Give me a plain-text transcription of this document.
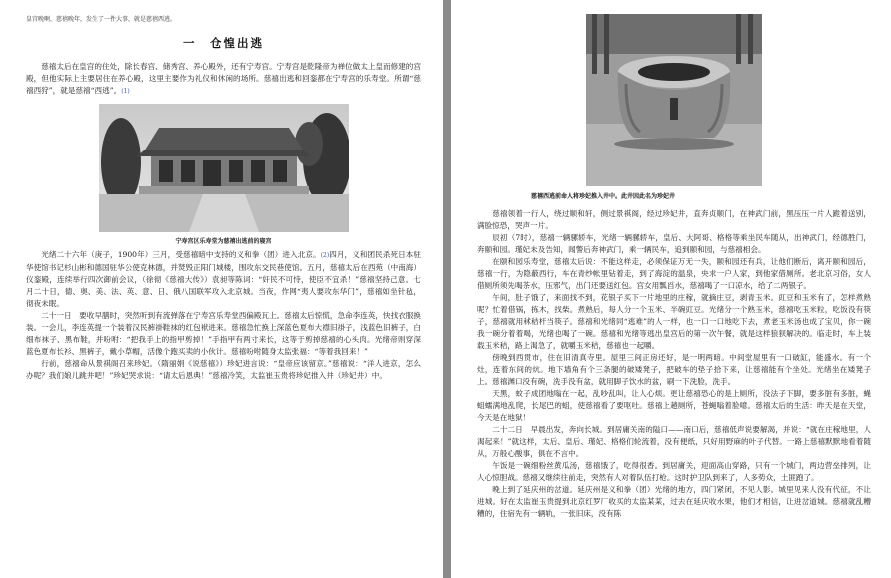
皇宫晚啊，慈禧晚年，发生了一件大事，就是慈禧西逃。
一　仓惶出逃

慈禧太后在皇宫的住处，除长春宫、储秀宫、养心殿外，还有宁寿宫。宁寿宫是乾隆帝为禅位做太上皇而修建的宫殿，但他实际上主要居住在养心殿，这里主要作为礼仪和休闲的场所。慈禧出逃和回銮都在宁寿宫的乐寿堂。所谓“慈禧西狩”，就是慈禧“西逃”。(1)

宁寿宫区乐寿堂为慈禧出逃前的寝宫

光绪二十六年（庚子，1900年）三月，受慈禧暗中支持的义和拳（团）进入北京。(2)四月，义和团民杀死日本驻华使馆书记杉山彬和德国驻华公使克林德，并焚毁正阳门城楼，围攻东交民巷使馆。五月，慈禧太后在西苑（中南海）仪銮殿，连续举行四次御前会议，（徐彻《慈禧大传》）袁昶等陈词：“奸民不可恃，使臣不宜杀！”慈禧坚持己意。七月二十日，德、奥、美、法、英、意、日、俄八国联军攻入北京城。当夜，作网“夷人要攻东华门”，慈禧如坐针毡，彻夜未眠。

二十一日　要收早膳时，突然听到有流弹落在宁寿宫乐寿堂西偏殿瓦上。慈禧太后惊慌，急命李连英，快找衣服换装。一会儿，李连英提一个装着汉民裤褂鞋袜的红包袱进来。慈禧急忙换上深蓝色夏布大襟旧褂子，浅蓝色旧裤子，白细布袜子、黑布鞋，并吩咐：“把我手上的指甲剪掉！”手指甲有两寸来长，这等于剪掉慈禧的心头肉。光绪帝则穿深蓝色夏布长衫、黑裤子，戴小草帽，活像个跑买卖的小伙计。慈禧吩咐随身太监张福：“等着我回来！”

行前，慈禧命从景祺阁召来珍妃。（隋丽娟《说慈禧》）珍妃进言说：“皇帝应该留京。”慈禧说：“洋人进京，怎么办呢？我们娘儿跳井吧！”珍妃哭求说：“请太后恩典！”慈禧冷笑，太监崔玉贵将珍妃推入井（珍妃井）中。

慈禧西逃前命人将珍妃推入井中。此井因此名为珍妃井

慈禧领着一行人，绕过顺和轩，侧过景祺阁，经过珍妃井，直奔贞顺门，在神武门前，黑压压一片人跪着送别，满脸惊恐，哭声一片。

辰初（7时），慈禧一辆骡轿车，光绪一辆骡轿车，皇后、大阿哥、格格等乘坐民车随从，出神武门，经德胜门，奔颐和园。瑾妃未及告知，闻警后奔神武门，乘一辆民车，追到颐和园，与慈禧相会。

在颐和园乐寿堂，慈禧太后说：不能这样走，必须保证万无一失，颐和园还有兵，让他们断后，离开颐和园后，慈禧一行，为隐蔽西行，车在青纱帐里钻着走，到了海淀的温泉，央求一户人家，到他家借厕所。老北京习俗，女人借厕所须先喝茶水，压邪气，出门还要送红包。宫女用瓢舀水，慈禧喝了一口凉水，给了二两银子。

午间，肚子饿了，来面找不到，花银子买下一片地里的庄稼，就摘庄豆，剥青玉米。豇豆和玉米有了，怎样煮熟呢？忙着借锅，拣木，找柴。煮熟后，每人分一个玉米、半碗豇豆。光绪分一个熟玉米，慈禧吃玉米粒，吃饭没有筷子，慈禧就用秫秸杆当筷子。慈禧和光绪同“逃难”的人一样，也一口一口地吃下去，煮老玉米汤也成了宝贝，你一碗我一碗分着着喝，光绪也喝了一碗。慈禧和光绪等逃出皇宫后的第一次午餐，就是这样狼狈解决的。临走时，车上装载玉米秸，路上渴急了，就嚼玉米秸，慈禧也一起嚼。

傍晚到西贯市，住在旧清真寺里。屋里三间正房还好，是一明两暗。中间堂屋里有一口破缸，能盛水。有一个灶，连着东间的炕。地下墙角有个三条腿的破矮凳子，把破车的垫子拾下来，让慈禧能有个坐处。光绪坐在矮凳子上。慈禧渊口没有碗，洗手没有盆，就用脚子饮水的盆，刷一下洗脸，洗手。

天黑，蚊子成团地嗡在一起，乱吵乱叫，让人心烦。更让慈禧恐心的是上厕所，没法子下脚，要多脏有多脏，蝇蛆蠕满地乱爬，长尾巴的蛆，使慈禧看了要呕吐。慈禧上趟厕所，苍蝇嗡着脸噫。慈禧太后的生活：昨天是在天堂，今天是在地狱！

二十二日　早晨出发，奔向长城。到居庸关南的隘口——南口后，慈禧低声说要解渴，并说：“就在庄稼地里，人渴起来！”就这样，太后、皇后、瑾妃、格格们轮流着，没有便纸，只好用野麻的叶子代替。一路上慈禧默默地看着随从，万般心酸事，俱在不言中。

午饭是一碗细粉丝黄瓜汤，慈禧饿了，吃得很香。到居庸关，迎面高山穿路，只有一个城门，两边营垒排列，让人心惊胆战。慈禧又继续往前走，突然有人对着队伍打枪。这时护卫队到来了，人多势众，土匪跑了。

晚上到了延庆州的岔道。延庆州是义和拳（团）光绪的地方，四门紧闭，不见人影。城里见来人没有代征，不让进城。好在太监崔玉贵提到北京红罗厂收买的太监某某，过去在延庆收水果，他们才相信，让进岔道城。慈禧就乱糟糟的，住宿先有一辆轨，一张旧床，没有陈
